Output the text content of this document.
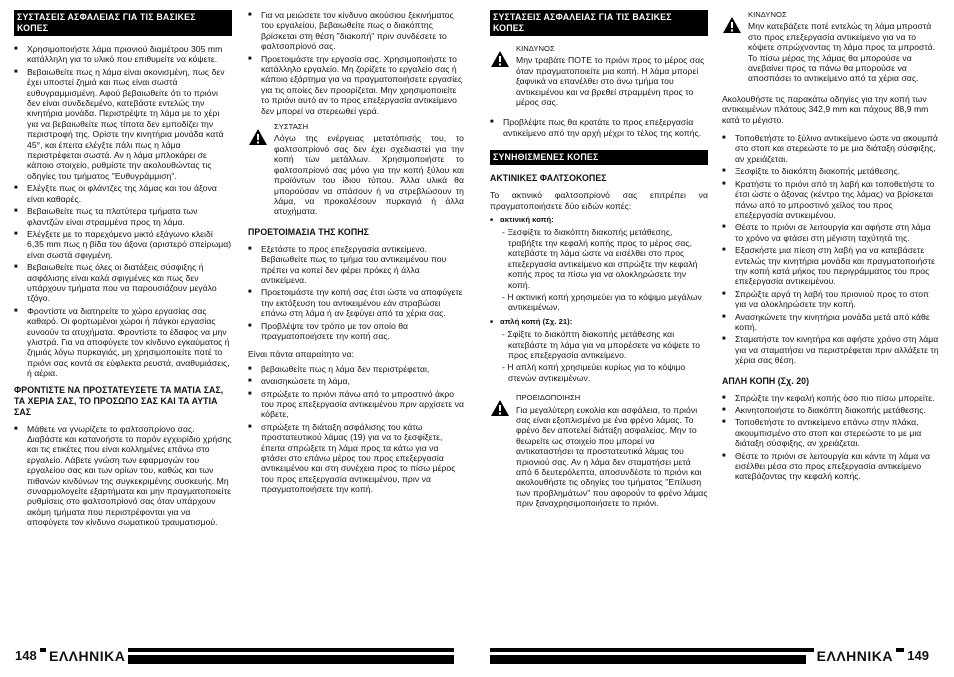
ΣΥΣΤΑΣΕΙΣ ΑΣΦΑΛΕΙΑΣ ΓΙΑ ΤΙΣ ΒΑΣΙΚΕΣ ΚΟΠΕΣ
■ Χρησιμοποιήστε λάμα πριονιού διαμέτρου 305 mm κατάλληλη για το υλικό που επιθυμείτε να κόψετε.
■ Βεβαιωθείτε πως η λάμα είναι ακονισμένη, πως δεν έχει υποστεί ζημιά και πως είναι σωστά ευθυγραμμισμένη. Αφού βεβαιωθείτε ότι το πριόνι δεν είναι συνδεδεμένο, κατεβάστε εντελώς την κινητήρια μονάδα. Περιστρέψτε τη λάμα με το χέρι για να βεβαιωθείτε πως τίποτα δεν εμποδίζει την περιστροφή της. Ορίστε την κινητήρια μονάδα κατά 45°, και έπειτα ελέγξτε πάλι πως η λάμα περιστρέφεται σωστά. Αν η λάμα μπλοκάρει σε κάποιο στοιχείο, ρυθμίστε την ακολουθώντας τις οδηγίες του τμήματος "Ευθυγράμμιση".
■ Ελέγξτε πως οι φλάντζες της λάμας και του άξονα είναι καθαρές.
■ Βεβαιωθείτε πως τα πλατύτερα τμήματα των φλαντζών είναι στραμμένα προς τη λάμα.
■ Ελέγξετε με το παρεχόμενο μικτό εξάγωνο κλειδί 6,35 mm πως η βίδα του άξονα (αριστερό σπείρωμα) είναι σωστά σφιγμένη.
■ Βεβαιωθείτε πως όλες οι διατάξεις σύσφιξης ή ασφάλισης είναι καλά σφιγμένες και πως δεν υπάρχουν τμήματα που να παρουσιάζουν μεγάλο τζόγο.
■ Φροντίστε να διατηρείτε το χώρο εργασίας σας καθαρό. Οι φορτωμένοι χώροι ή πάγκοι εργασίας ευνοούν τα ατυχήματα. Φροντίστε το έδαφος να μην γλιστρά. Για να αποφύγετε τον κίνδυνο εγκαύματος ή ζημιάς λόγω πυρκαγιάς, μη χρησιμοποιείτε ποτέ το πριόνι σας κοντά σε εύφλεκτα ρευστά, αναθυμιάσεις, ή αέρια.
ΦΡΟΝΤΙΣΤΕ ΝΑ ΠΡΟΣΤΑΤΕΥΣΕΤΕ ΤΑ ΜΑΤΙΑ ΣΑΣ, ΤΑ ΧΕΡΙΑ ΣΑΣ, ΤΟ ΠΡΟΣΩΠΟ ΣΑΣ ΚΑΙ ΤΑ ΑΥΤΙΑ ΣΑΣ
■ Μάθετε να γνωρίζετε το φαλτσοπρίονο σας. Διαβάστε και κατανοήστε το παρόν εγχειρίδιο χρήσης και τις ετικέτες που είναι κολλημένες επάνω στο εργαλείο. Λάβετε γνώση των εφαρμογών του εργαλείου σας και των ορίων του, καθώς και των πιθανών κινδύνων της συγκεκριμένης συσκευής. Μη συναρμολογείτε εξαρτήματα και μην πραγματοποιείτε ρυθμίσεις στο φαλτσοπρίονό σας όταν υπάρχουν ακόμη τμήματα που περιστρέφονται για να αποφύγετε τον κίνδυνο σωματικού τραυματισμού.
■ Για να μειώσετε τον κίνδυνο ακούσιου ξεκινήματος του εργαλείου, βεβαιωθείτε πως ο διακόπτης βρίσκεται στη θέση "διακοπή" πριν συνδέσετε το φαλτσοπρίονό σας.
■ Προετοιμάστε την εργασία σας. Χρησιμοποιήστε το κατάλληλο εργαλείο. Μη ζορίζετε το εργαλείο σας ή κάποιο εξάρτημα για να πραγματοποιήσετε εργασίες για τις οποίες δεν προορίζεται. Μην χρησιμοποιείτε το πριόνι αυτό αν το προς επεξεργασία αντικείμενο δεν μπορεί να στερεωθεί γερά.
ΣΥΣΤΑΣΗ
Λόγω της ενέργειας μετατόπισής του, το φαλτσοπρίονό σας δεν έχει σχεδιαστεί για την κοπή των μετάλλων. Χρησιμοποιήστε το φαλτσοπρίονό σας μόνο για την κοπή ξύλου και προϊόντων του ίδιου τύπου. Άλλα υλικά θα μπορούσαν να σπάσουν ή να στρεβλώσουν τη λάμα, να προκαλέσουν πυρκαγιά ή άλλα ατυχήματα.
ΠΡΟΕΤΟΙΜΑΣΙΑ ΤΗΣ ΚΟΠΗΣ
■ Εξετάστε το προς επεξεργασία αντικείμενο. Βεβαιωθείτε πως το τμήμα του αντικειμένου που πρέπει να κοπεί δεν φέρει πρόκες ή άλλα αντικείμενα.
■ Προετοιμάστε την κοπή σας έτσι ώστε να αποφύγετε την εκτόξευση του αντικειμένου εάν στραβώσει επάνω στη λάμα ή αν ξεφύγει από τα χέρια σας.
■ Προβλέψτε τον τρόπο με τον οποίο θα πραγματοποιήσετε την κοπή σας.

Είναι πάντα απαραίτητο να:

■ βεβαιωθείτε πως η λάμα δεν περιστρέφεται,
■ αναισηκώσετε τη λάμα,
■ σπρώξετε το πριόνι πάνω από το μπροστινό άκρο του προς επεξεργασία αντικειμένου πριν αρχίσετε να κόβετε,
■ σπρώξετε τη διάταξη ασφάλισης του κάτω προστατευτικού λάμας (19) για να το ξεσφίξετε, έπειτα σπρώξετε τη λάμα προς τα κάτω για να φτάσει στο επάνω μέρος του προς επεξεργασία αντικειμένου και στη συνέχεια προς το πίσω μέρος του προς επεξεργασία αντικειμένου, πριν να πραγματοποιήσετε την κοπή.
ΣΥΣΤΑΣΕΙΣ ΑΣΦΑΛΕΙΑΣ ΓΙΑ ΤΙΣ ΒΑΣΙΚΕΣ ΚΟΠΕΣ
ΚΙΝΔΥΝΟΣ
Μην τραβάτε ΠΟΤΕ το πριόνι προς το μέρος σας όταν πραγματοποιείτε μια κοπή. Η λάμα μπορεί ξαφνικά να επανέλθει στο άνω τμήμα του αντικειμένου και να βρεθεί στραμμένη προς το μέρος σας.
■ Προβλέψτε πως θα κρατάτε το προς επεξεργασία αντικείμενο από την αρχή μέχρι το τέλος της κοπής.
ΣΥΝΗΘΙΣΜΕΝΕΣ ΚΟΠΕΣ
ΑΚΤΙΝΙΚΕΣ ΦΑΛΤΣΟΚΟΠΕΣ

Το ακτινικό φαλτσοπρίονό σας επιτρέπει να πραγματοποιήσετε δύο ειδών κοπές:

■ ακτινική κοπή:
- Ξεσφίξτε το διακόπτη διακοπής μετάθεσης, τραβήξτε την κεφαλή κοπής προς το μέρος σας, κατεβάστε τη λάμα ώστε να εισέλθει στο προς επεξεργασία αντικείμενο και σπρώξτε την κεφαλή κοπής προς τα πίσω για να ολοκληρώσετε την κοπή.
- Η ακτινική κοπή χρησιμεύει για το κόψιμο μεγάλων αντικειμένων.
■ απλή κοπή (Σχ. 21):
- Σφίξτε το διακόπτη διακοπής μετάθεσης και κατεβάστε τη λάμα για να μπορέσετε να κόψετε το προς επεξεργασία αντικείμενο.
- Η απλή κοπή χρησιμεύει κυρίως για το κόψιμο στενών αντικειμένων.
ΠΡΟΕΙΔΟΠΟΙΗΣΗ
Για μεγαλύτερη ευκολία και ασφάλεια, το πριόνι σας είναι εξοπλισμένο με ένα φρένο λάμας. Το φρένο δεν αποτελεί διάταξη ασφαλείας. Μην το θεωρείτε ως στοιχείο που μπορεί να αντικαταστήσει τα προστατευτικά λάμας του πριονιού σας. Αν η λάμα δεν σταματήσει μετά από 6 δευτερόλεπτα, αποσυνδέστε το πριόνι και ακολουθήστε τις οδηγίες του τμήματος "Επίλυση των προβλημάτων" που αφορούν το φρένο λάμας πριν ξαναχρησιμοποιήσετε το πριόνι.
ΚΙΝΔΥΝΟΣ
Μην κατεβάζετε ποτέ εντελώς τη λάμα μπροστά στο προς επεξεργασία αντικείμενο για να το κόψετε σπρώχνοντας τη λάμα προς τα μπροστά. Το πίσω μέρος της λάμας θα μπορούσε να ανεβαίνει προς τα πάνω θα μπορούσε να αποσπάσει το αντικείμενο από τα χέρια σας.

Ακολουθήστε τις παρακάτω οδηγίες για την κοπή των αντικειμένων πλάτους 342,9 mm και πάχους 88,9 mm κατά το μέγιστο.

■ Τοποθετήστε το ξύλινο αντικείμενο ώστε να ακουμπά στο στοπ και στερεώστε το με μια διάταξη σύσφιξης, αν χρειάζεται.
■ Ξεσφίξτε το διακόπτη διακοπής μετάθεσης.
■ Κρατήστε το πριόνι από τη λαβή και τοποθετήστε το έτσι ώστε ο άξονας (κέντρο της λάμας) να βρίσκεται πάνω από το μπροστινό χείλος του προς επεξεργασία αντικειμένου.
■ Θέστε το πριόνι σε λειτουργία και αφήστε στη λάμα το χρόνο να φτάσει στη μέγιστη ταχύτητά της.
■ Εξασκήστε μια πίεση στη λαβή για να κατεβάσετε εντελώς την κινητήρια μονάδα και πραγματοποιήστε την κοπή κατά μήκος του περιγράμματος του προς επεξεργασία αντικειμένου.
■ Σπρώξτε αργά τη λαβή του πριονιού προς το στοπ για να ολοκληρώσετε την κοπή.
■ Ανασηκώνετε την κινητήρια μονάδα μετά από κάθε κοπή.
■ Σταματήστε τον κινητήρα και αφήστε χρόνο στη λάμα για να σταματήσει να περιστρέφεται πριν αλλάξετε τη χέρια σας θέση.
ΑΠΛΗ ΚΟΠΗ (Σχ. 20)
■ Σπρώξτε την κεφαλή κοπής όσο πιο πίσω μπορείτε.
■ Ακινητοποιήστε το διακόπτη διακοπής μετάθεσης.
■ Τοποθετήστε το αντικείμενο επάνω στην πλάκα, ακουμπισμένο στο στοπ και στερεώστε το με μια διάταξη σύσφιξης, αν χρειάζεται.
■ Θέστε το πριόνι σε λειτουργία και κάντε τη λάμα να εισέλθει μέσα στο προς επεξεργασία αντικείμενο κατεβάζοντας την κεφαλή κοπής.
148 ΕΛΛΗΝΙΚΑ	ΕΛΛΗΝΙΚΑ 149
